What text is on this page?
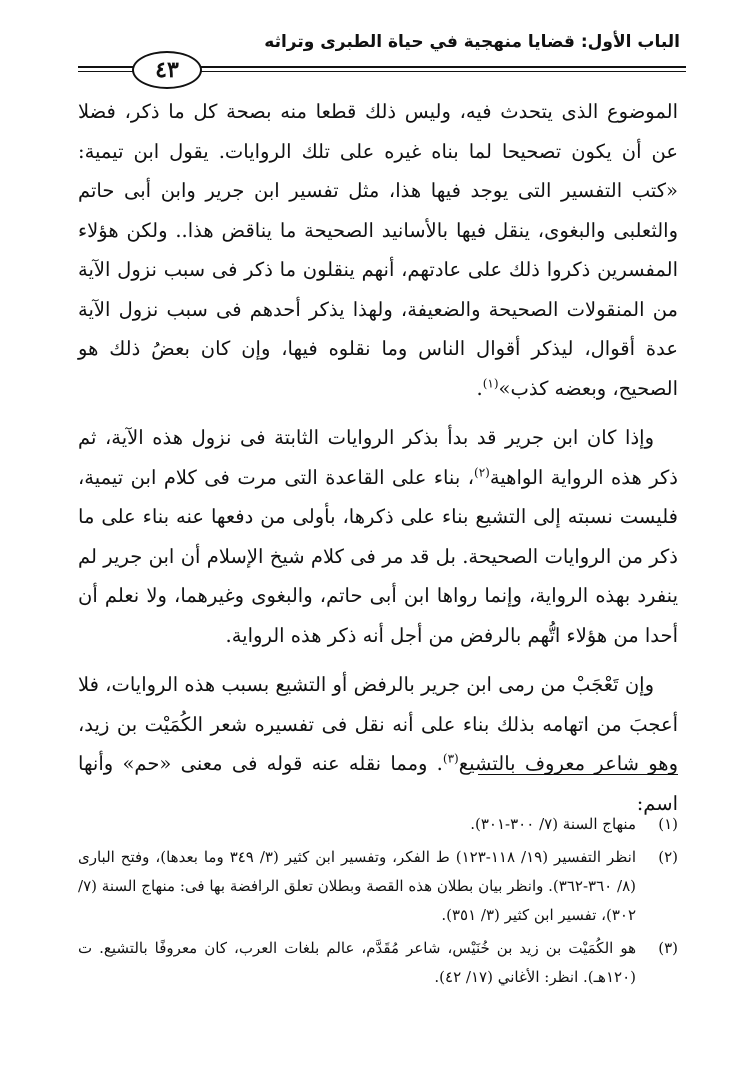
الباب الأول: قضايا منهجية في حياة الطبرى وتراثه
٤٣

الموضوع الذى يتحدث فيه، وليس ذلك قطعا منه بصحة كل ما ذكر، فضلا عن أن يكون تصحيحا لما بناه غيره على تلك الروايات. يقول ابن تيمية: «كتب التفسير التى يوجد فيها هذا، مثل تفسير ابن جرير وابن أبى حاتم والثعلبى والبغوى، ينقل فيها بالأسانيد الصحيحة ما يناقض هذا.. ولكن هؤلاء المفسرين ذكروا ذلك على عادتهم، أنهم ينقلون ما ذكر فى سبب نزول الآية من المنقولات الصحيحة والضعيفة، ولهذا يذكر أحدهم فى سبب نزول الآية عدة أقوال، ليذكر أقوال الناس وما نقلوه فيها، وإن كان بعضُ ذلك هو الصحيح، وبعضه كذب»$^{(١)}$.

وإذا كان ابن جرير قد بدأ بذكر الروايات الثابتة فى نزول هذه الآية، ثم ذكر هذه الرواية الواهية$^{(٢)}$، بناء على القاعدة التى مرت فى كلام ابن تيمية، فليست نسبته إلى التشيع بناء على ذكرها، بأولى من دفعها عنه بناء على ما ذكر من الروايات الصحيحة. بل قد مر فى كلام شيخ الإسلام أن ابن جرير لم ينفرد بهذه الرواية، وإنما رواها ابن أبى حاتم، والبغوى وغيرهما، ولا نعلم أن أحدا من هؤلاء اتُّهم بالرفض من أجل أنه ذكر هذه الرواية.

وإن تَعْجَبْ من رمى ابن جرير بالرفض أو التشيع بسبب هذه الروايات، فلا أعجبَ من اتهامه بذلك بناء على أنه نقل فى تفسيره شعر الكُمَيْت بن زيد، وهو شاعر معروف بالتشيع$^{(٣)}$. ومما نقله عنه قوله فى معنى «حم» وأنها اسم:

(١)
منهاج السنة (٧/ ٣٠٠-٣٠١).
(٢)
انظر التفسير (١٩/ ١١٨-١٢٣) ط الفكر، وتفسير ابن كثير (٣/ ٣٤٩ وما بعدها)، وفتح البارى (٨/ ٣٦٠-٣٦٢). وانظر بيان بطلان هذه القصة وبطلان تعلق الرافضة بها فى: منهاج السنة (٧/ ٣٠٢)، تفسير ابن كثير (٣/ ٣٥١).
(٣)
هو الكُمَيْت بن زيد بن خُنَيْس، شاعر مُقَدَّم، عالم بلغات العرب، كان معروفًا بالتشيع. ت (١٢٠هـ). انظر: الأغاني (١٧/ ٤٢).
